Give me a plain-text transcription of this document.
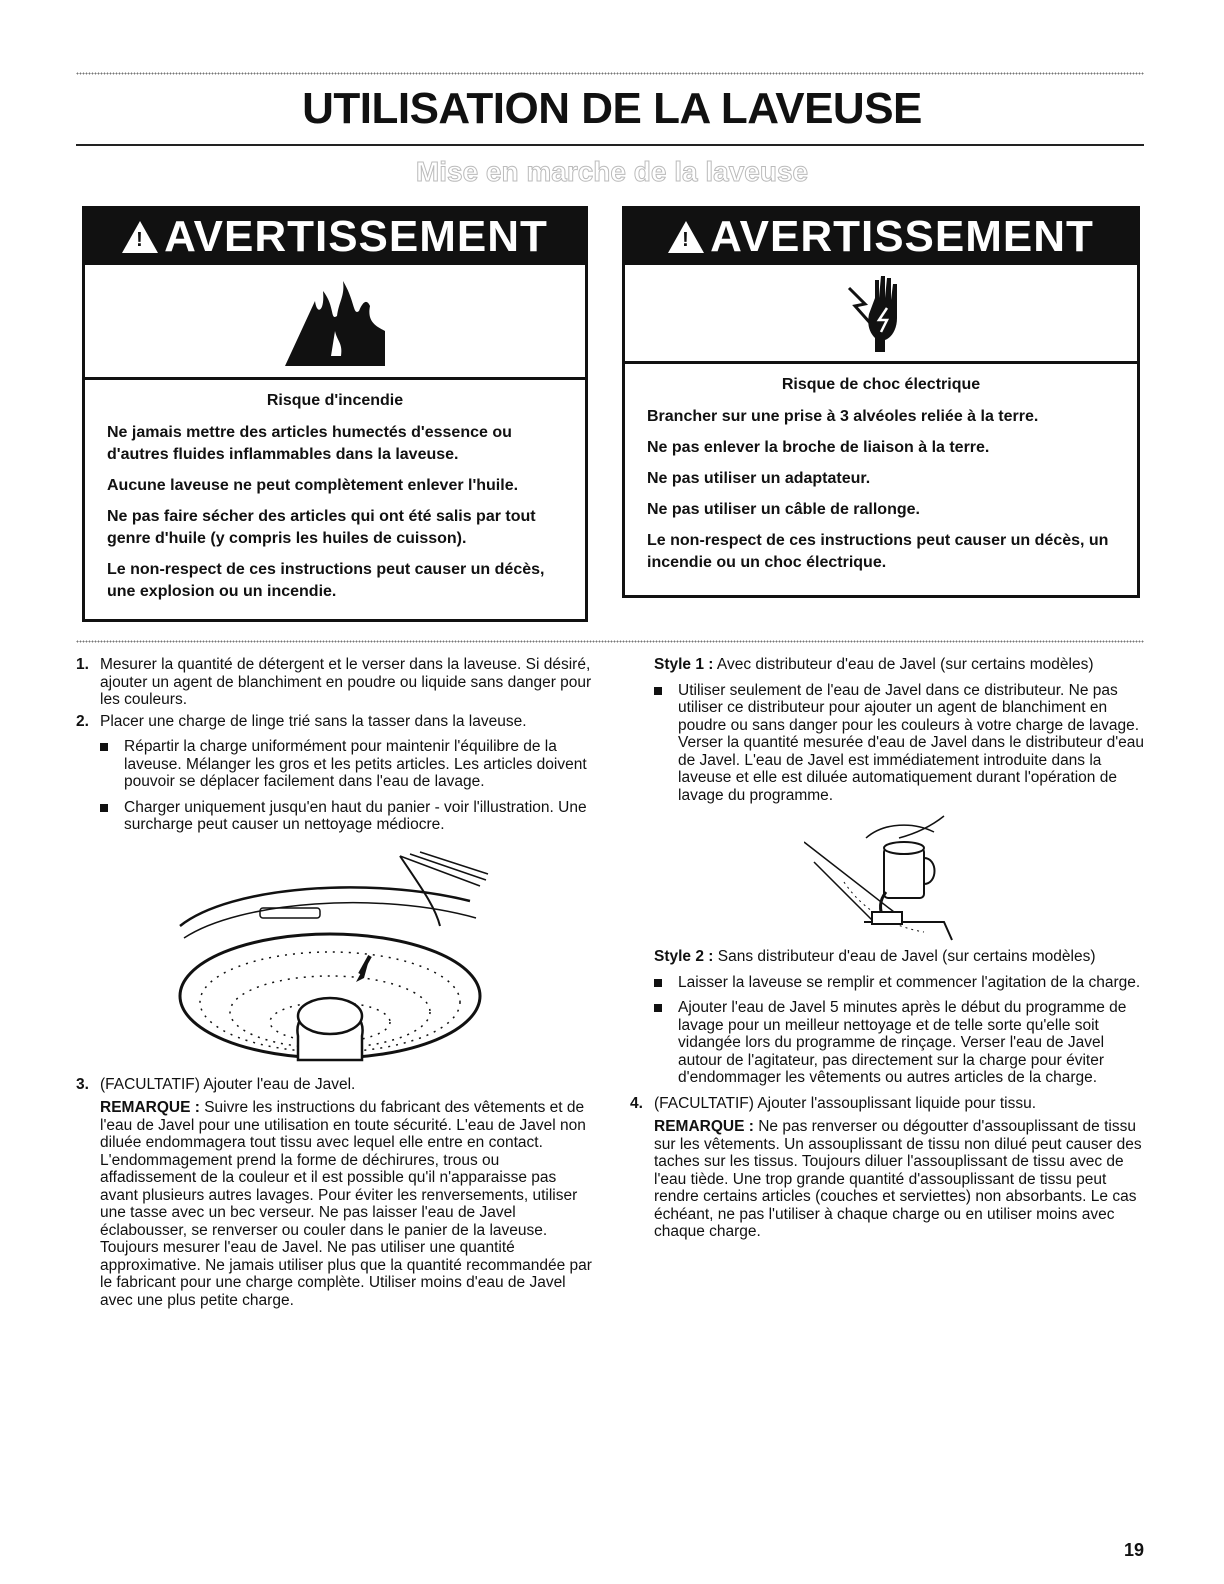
UTILISATION DE LA LAVEUSE
Mise en marche de la laveuse
!
AVERTISSEMENT

Risque d'incendie

Ne jamais mettre des articles humectés d'essence ou d'autres fluides inflammables dans la laveuse.

Aucune laveuse ne peut complètement enlever l'huile.

Ne pas faire sécher des articles qui ont été salis par tout genre d'huile (y compris les huiles de cuisson).

Le non-respect de ces instructions peut causer un décès, une explosion ou un incendie.

!
AVERTISSEMENT

Risque de choc électrique

Brancher sur une prise à 3 alvéoles reliée à la terre.

Ne pas enlever la broche de liaison à la terre.

Ne pas utiliser un adaptateur.

Ne pas utiliser un câble de rallonge.

Le non-respect de ces instructions peut causer un décès, un incendie ou un choc électrique.

1. Mesurer la quantité de détergent et le verser dans la laveuse. Si désiré, ajouter un agent de blanchiment en poudre ou liquide sans danger pour les couleurs.

2. Placer une charge de linge trié sans la tasser dans la laveuse.

Répartir la charge uniformément pour maintenir l'équilibre de la laveuse. Mélanger les gros et les petits articles. Les articles doivent pouvoir se déplacer facilement dans l'eau de lavage.

Charger uniquement jusqu'en haut du panier - voir l'illustration. Une surcharge peut causer un nettoyage médiocre.

3. (FACULTATIF) Ajouter l'eau de Javel.

REMARQUE : Suivre les instructions du fabricant des vêtements et de l'eau de Javel pour une utilisation en toute sécurité. L'eau de Javel non diluée endommagera tout tissu avec lequel elle entre en contact. L'endommagement prend la forme de déchirures, trous ou affadissement de la couleur et il est possible qu'il n'apparaisse pas avant plusieurs autres lavages. Pour éviter les renversements, utiliser une tasse avec un bec verseur. Ne pas laisser l'eau de Javel éclabousser, se renverser ou couler dans le panier de la laveuse. Toujours mesurer l'eau de Javel. Ne pas utiliser une quantité approximative. Ne jamais utiliser plus que la quantité recommandée par le fabricant pour une charge complète. Utiliser moins d'eau de Javel avec une plus petite charge.

Style 1 : Avec distributeur d'eau de Javel (sur certains modèles)

Utiliser seulement de l'eau de Javel dans ce distributeur. Ne pas utiliser ce distributeur pour ajouter un agent de blanchiment en poudre ou sans danger pour les couleurs à votre charge de lavage. Verser la quantité mesurée d'eau de Javel dans le distributeur d'eau de Javel. L'eau de Javel est immédiatement introduite dans la laveuse et elle est diluée automatiquement durant l'opération de lavage du programme.

Style 2 : Sans distributeur d'eau de Javel (sur certains modèles)

Laisser la laveuse se remplir et commencer l'agitation de la charge.

Ajouter l'eau de Javel 5 minutes après le début du programme de lavage pour un meilleur nettoyage et de telle sorte qu'elle soit vidangée lors du programme de rinçage. Verser l'eau de Javel autour de l'agitateur, pas directement sur la charge pour éviter d'endommager les vêtements ou autres articles de la charge.

4. (FACULTATIF) Ajouter l'assouplissant liquide pour tissu.

REMARQUE : Ne pas renverser ou dégoutter d'assouplissant de tissu sur les vêtements. Un assouplissant de tissu non dilué peut causer des taches sur les tissus. Toujours diluer l'assouplissant de tissu avec de l'eau tiède. Une trop grande quantité d'assouplissant de tissu peut rendre certains articles (couches et serviettes) non absorbants. Le cas échéant, ne pas l'utiliser à chaque charge ou en utiliser moins avec chaque charge.

19
